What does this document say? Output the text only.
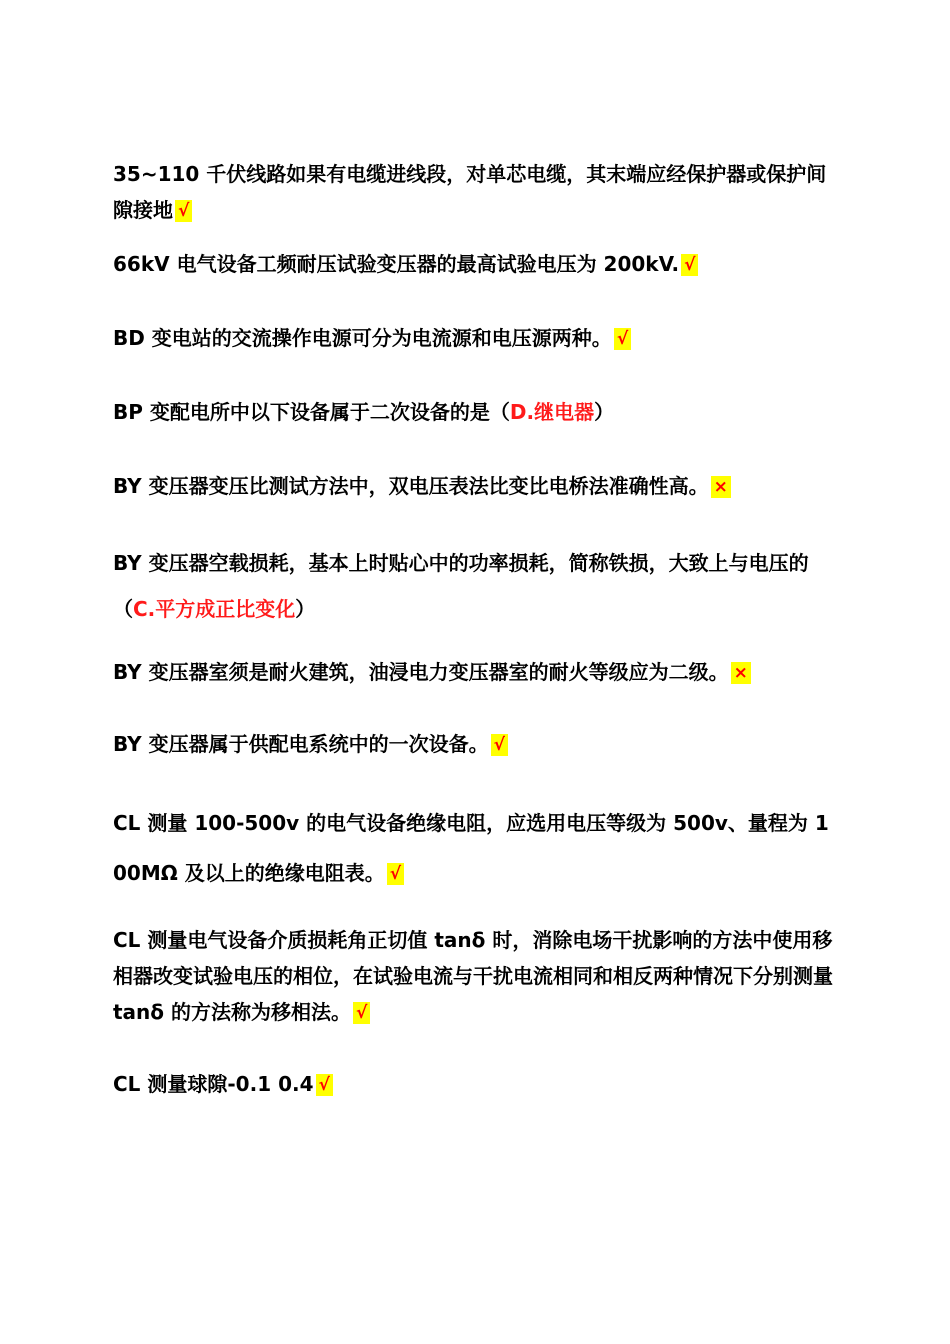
35~110 千伏线路如果有电缆进线段，对单芯电缆，其末端应经保护器或保护间隙接地 √

66kV 电气设备工频耐压试验变压器的最高试验电压为 200kV. √

BD 变电站的交流操作电源可分为电流源和电压源两种。 √

BP 变配电所中以下设备属于二次设备的是（D.继电器）

BY 变压器变压比测试方法中，双电压表法比变比电桥法准确性高。 ×

BY 变压器空载损耗，基本上时贴心中的功率损耗，简称铁损，大致上与电压的（C.平方成正比变化）

BY 变压器室须是耐火建筑，油浸电力变压器室的耐火等级应为二级。 ×

BY 变压器属于供配电系统中的一次设备。 √

CL 测量 100-500v 的电气设备绝缘电阻，应选用电压等级为 500v、量程为 100MΩ 及以上的绝缘电阻表。 √

CL 测量电气设备介质损耗角正切值 tanδ 时，消除电场干扰影响的方法中使用移相器改变试验电压的相位，在试验电流与干扰电流相同和相反两种情况下分别测量 tanδ 的方法称为移相法。 √

CL 测量球隙-0.1 0.4 √
